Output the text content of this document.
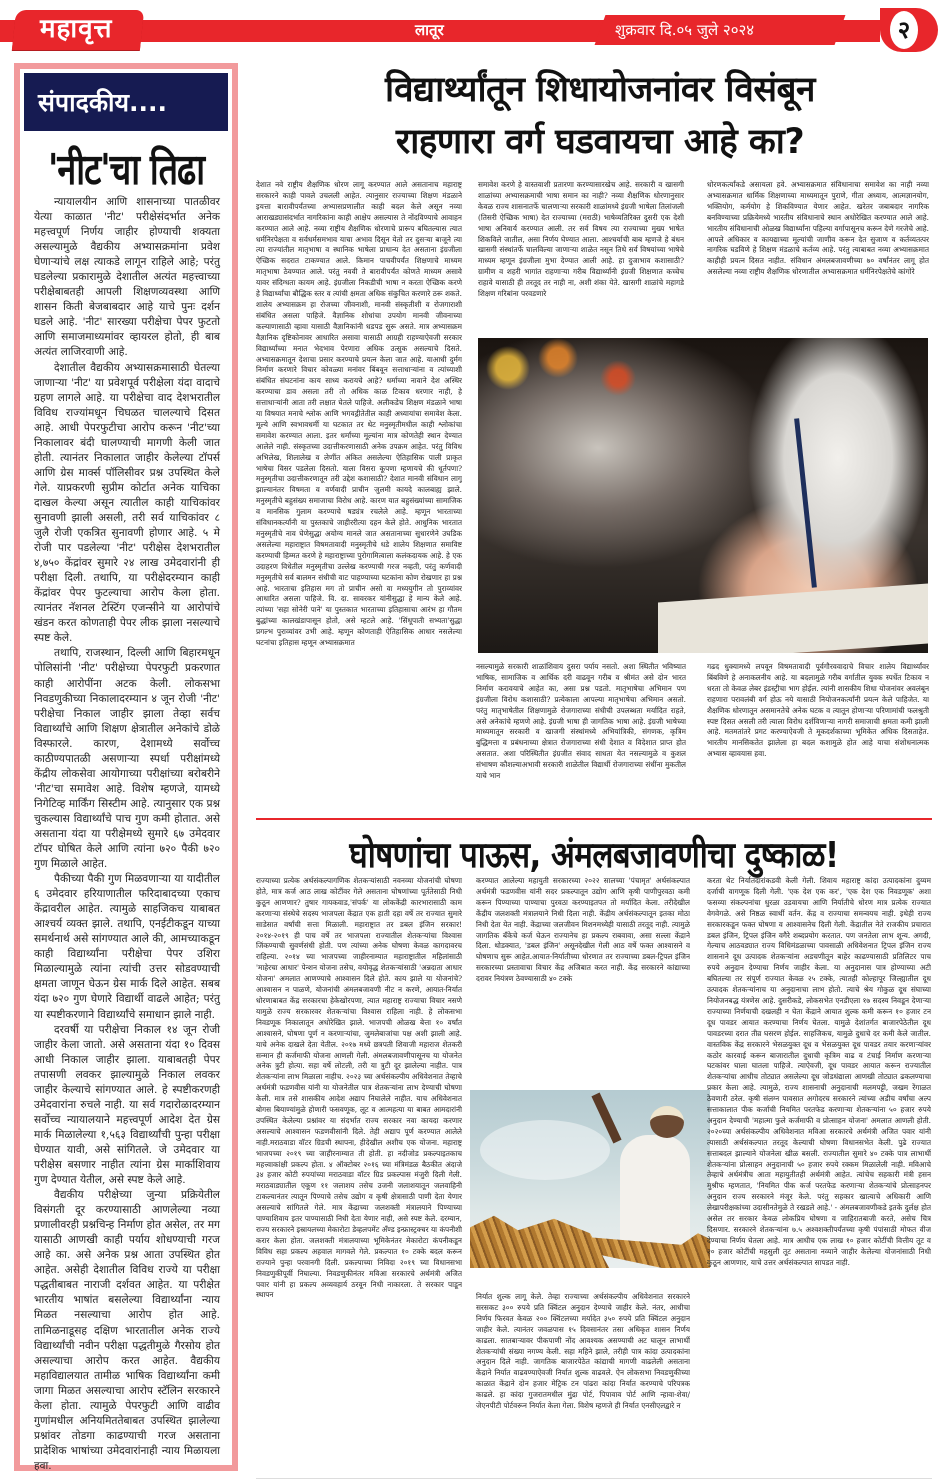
महावृत्त	लातूर	शुक्रवार दि.०५ जुले २०२४	२
संपादकीय....
'नीट'चा तिढा

न्यायालयीन आणि शासनाच्या पातळीवर येत्या काळात 'नीट' परीक्षेसंदर्भात अनेक महत्त्वपूर्ण निर्णय जाहीर होण्याची शक्यता असल्यामुळे वैद्यकीय अभ्यासक्रमांना प्रवेश घेणाऱ्यांचे लक्ष त्याकडे लागून राहिले आहे; परंतु घडलेल्या प्रकारामुळे देशातील अत्यंत महत्त्वाच्या परीक्षेबाबतही आपली शिक्षणव्यवस्था आणि शासन किती बेजबाबदार आहे याचे पुनः दर्शन घडले आहे. 'नीट' सारख्या परीक्षेचा पेपर फुटतो आणि समाजमाध्यमांवर व्हायरल होतो, ही बाब अत्यंत लाजिरवाणी आहे.

देशातील वैद्यकीय अभ्यासक्रमासाठी घेतल्या जाणाऱ्या 'नीट' या प्रवेशपूर्व परीक्षेला यंदा वादाचे ग्रहण लागले आहे. या परीक्षेचा वाद देशभरातील विविध राज्यांमधून चिघळत चालल्याचे दिसत आहे. आधी पेपरफुटीचा आरोप करून 'नीट'च्या निकालावर बंदी घालण्याची मागणी केली जात होती. त्यानंतर निकालात जाहीर केलेल्या टॉपर्स आणि ग्रेस मार्क्स पॉलिसीवर प्रश्न उपस्थित केले गेले. याप्रकरणी सुप्रीम कोर्टात अनेक याचिका दाखल केल्या असून त्यातील काही याचिकांवर सुनावणी झाली असली, तरी सर्व याचिकांवर ८ जुलै रोजी एकत्रित सुनावणी होणार आहे. ५ मे रोजी पार पडलेल्या 'नीट' परीक्षेस देशभरातील ४,७५० केंद्रांवर सुमारे २४ लाख उमेदवारांनी ही परीक्षा दिली. तथापि, या परीक्षेदरम्यान काही केंद्रांवर पेपर फुटल्याचा आरोप केला होता. त्यानंतर नॅशनल टेस्टिंग एजन्सीने या आरोपांचे खंडन करत कोणताही पेपर लीक झाला नसल्याचे स्पष्ट केले.

तथापि, राजस्थान, दिल्ली आणि बिहारमधून पोलिसांनी 'नीट' परीक्षेच्या पेपरफुटी प्रकरणात काही आरोपींना अटक केली. लोकसभा निवडणुकीच्या निकालादरम्यान ४ जून रोजी 'नीट' परीक्षेचा निकाल जाहीर झाला तेव्हा सर्वच विद्यार्थ्यांचे आणि शिक्षण क्षेत्रातील अनेकांचे डोळे विस्फारले. कारण, देशामध्ये सर्वोच्च काठीण्यपातळी असणाऱ्या स्पर्धा परीक्षांमध्ये केंद्रीय लोकसेवा आयोगाच्या परीक्षांच्या बरोबरीने 'नीट'चा समावेश आहे. विशेष म्हणजे, यामध्ये निगेटिव्ह मार्किंग सिस्टीम आहे. त्यानुसार एक प्रश्न चुकल्यास विद्यार्थ्यांचे पाच गुण कमी होतात. असे असताना यंदा या परीक्षेमध्ये सुमारे ६७ उमेदवार टॉपर घोषित केले आणि त्यांना ७२० पैकी ७२० गुण मिळाले आहेत.

पैकीच्या पैकी गुण मिळवणाऱ्या या यादीतील ६ उमेदवार हरियाणातील फरिदाबादच्या एकाच केंद्रावरील आहेत. त्यामुळे साहजिकच याबाबत आश्चर्य व्यक्त झाले. तथापि, एनईटीकडून याच्या समर्थनार्थ असे सांगण्यात आले की, आमच्याकडून काही विद्यार्थ्यांना परीक्षेचा पेपर उशिरा मिळाल्यामुळे त्यांना त्यांची उत्तर सोडवण्याची क्षमता जाणून घेऊन ग्रेस मार्क दिले आहेत. सबब यंदा ७२० गुण घेणारे विद्यार्थी वाढले आहेत; परंतु या स्पष्टीकरणाने विद्यार्थ्यांचे समाधान झाले नाही.

दरवर्षी या परीक्षेचा निकाल १४ जून रोजी जाहीर केला जातो. असे असताना यंदा १० दिवस आधी निकाल जाहीर झाला. याबाबतही पेपर तपासणी लवकर झाल्यामुळे निकाल लवकर जाहीर केल्याचे सांगण्यात आले. हे स्पष्टीकरणही उमेदवारांना रुचले नाही. या सर्व गदारोळादरम्यान सर्वोच्च न्यायालयाने महत्त्वपूर्ण आदेश देत ग्रेस मार्क मिळालेल्या १,५६३ विद्यार्थ्यांची पुन्हा परीक्षा घेण्यात यावी, असे सांगितले. जे उमेदवार या परीक्षेस बसणार नाहीत त्यांना ग्रेस मार्काशिवाय गुण देण्यात येतील, असे स्पष्ट केले आहे.

वैद्यकीय परीक्षेच्या जुन्या प्रक्रियेतील विसंगती दूर करण्यासाठी आणलेल्या नव्या प्रणालीवरही प्रश्नचिन्ह निर्माण होत असेल, तर मग यासाठी आणखी काही पर्याय शोधण्याची गरज आहे का. असे अनेक प्रश्न आता उपस्थित होत आहेत. असेही देशातील विविध राज्ये या परीक्षा पद्धतीबाबत नाराजी दर्शवत आहेत. या परीक्षेत भारतीय भाषांत बसलेल्या विद्यार्थ्यांना न्याय मिळत नसल्याचा आरोप होत आहे. तामिळनाडूसह दक्षिण भारतातील अनेक राज्ये विद्यार्थ्यांची नवीन परीक्षा पद्धतीमुळे गैरसोय होत असल्याचा आरोप करत आहेत. वैद्यकीय महाविद्यालयात तामीळ भाषिक विद्यार्थ्यांना कमी जागा मिळत असल्याचा आरोप स्टॅलिन सरकारने केला होता. त्यामुळे पेपरफुटी आणि वाढीव गुणांमधील अनियमिततेबाबत उपस्थित झालेल्या प्रश्नांवर तोडगा काढण्याची गरज असताना प्रादेशिक भाषांच्या उमेदवारांनाही न्याय मिळायला हवा.

विद्यार्थ्यांतून शिधायोजनांवर विसंबून
राहणारा वर्ग घडवायचा आहे का?
देशात नवे राष्ट्रीय शैक्षणिक धोरण लागू करण्यात आले असतानाच महाराष्ट्र सरकारने काही पावले उचलली आहेत. त्यानुसार राज्याच्या शिक्षण मंडळाने इयत्ता बारावीपर्यंतच्या अभ्यासप्रणालीत काही बदल केले असून नव्या आराखड्यासंदर्भात नागरिकांना काही आक्षेप असल्यास ते नोंदविण्याचे आवाहन करण्यात आले आहे. नव्या राष्ट्रीय शैक्षणिक धोरणाचे प्रारूप बघितल्यास त्यात धर्मनिरपेक्षता व सर्वधर्मसमभाव याचा अभाव दिसून येतो तर दुसऱ्या बाजूने त्या त्या राज्यांतील मातृभाषा व स्थानिक भाषेला प्राधान्य देत असताना इंग्रजीला ऐच्छिक सदरात टाकण्यात आले. किमान पाचवीपर्यंत शिक्षणाचे माध्यम मातृभाषा ठेवण्यात आले. परंतु नववी ते बारावीपर्यंत कोणते माध्यम असावे यावर संदिग्धता कायम आहे. इंग्रजीला निकडीची भाषा न करता ऐच्छिक करणे हे विद्यार्थ्यांचा बौद्धिक स्तर व त्यांची क्षमता अधिक संकुचित करणारे ठरू शकते. शालेय अभ्यासक्रम हा रोजच्या जीवनाशी, मानवी संस्कृतीशी व रोजगाराशी संबंधित असला पाहिजे. वैज्ञानिक शोधांचा उपयोग मानवी जीवनाच्या कल्याणासाठी व्हावा यासाठी वैज्ञानिकांनी धडपड सुरू असते. मात्र अभ्यासक्रम वैज्ञानिक दृष्टिकोनावर आधारित असावा यासाठी आग्रही राहण्याऐवजी सरकार विद्यार्थ्यांच्या मनात भेदभाव पेरणारा अधिक उत्सुक असल्याचे दिसते. अभ्यासक्रमातून देशाचा प्रसार करण्याचे प्रयत्न केला जात आहे. याआधी दुर्मग निर्माण करणारे विचार कोवळ्या मनांवर बिंबवून सत्ताधाऱ्यांना व त्यांच्याशी संबंधित संघटनांना काय साध्य करायचे आहे? धर्माच्या नावाने देश अस्थिर करण्याचा डाव असला तरी तो अधिक काळ टिकाव धरणार नाही, हे सत्ताधाऱ्यांनी आता तरी लक्षात घेतले पाहिजे. अलीकडेच शिक्षण मंडळाने भाषा या विषयात मनाचे श्लोक आणि भगवद्गीतेतील काही अध्यायांचा समावेश केला. मूल्ये आणि स्वभावधर्मी या घटकात तर थेट मनुस्मृतीमधील काही श्लोकांचा समावेश करण्यात आला. इतर धर्मांच्या मूल्यांना मात्र कोणतेही स्थान देण्यात आलेले नाही. संस्कृतच्या उदात्तीकरणासाठी अनेक उपक्रम आहेत. परंतु विविध अभिलेख, शिलालेख व लेणींत अंकित असलेल्या ऐतिहासिक पाली प्राकृत भाषेचा विसर पडलेला दिसतो. याला विसरा कूपणा म्हणायचे की धूर्तपणा? मनुस्मृतीचा उदात्तीकरणातून तरी उद्देश कशासाठी? देशात मानवी संविधान लागू झाल्यानंतर विषमता व वर्णवादी प्राचीन जुलमी कायदे कालबाह्य झाले. मनुस्मृतीचे बहुसंख्य समाजाचा विरोध आहे. कारण यात बहुसंख्यांच्या सामाजिक व मानसिक गुलाम करण्याचे षड्यंत्र रचलेले आहे. म्हणून भारताच्या संविधानकर्त्यांनी या पुस्तकाचे जाहीररीत्या दहन केले होते. आधुनिक भारतात मनुस्मृतीचे नाव घेणेसुद्धा अयोग्य मानले जात असतानाच्या सुधारणेने उघडिक असलेल्या महाराष्ट्रात विषमतावादी मनुस्मृतीचे धडे शालेय शिक्षणात समाविष्ट करण्याची हिम्मत करणे हे महाराष्ट्राच्या पुरोगामित्वाला कलंकदायक आहे. हे एक उदाहरण विधेतील मनुस्मृतीचा उल्लेख करण्याची गरज नव्हती, परंतु कर्णवादी मनुस्मृतीचे सर्व बालमन संधीची वाट पाहण्याच्या घटकांना कोण रोखणार हा प्रश्न आहे. भारताचा इतिहास मग तो प्राचीन असो वा मध्ययुगीन तो पुराव्यांवर आधारित असला पाहिजे. वि. दा. सावरकर यांनीसुद्धा हे मान्य केले आहे. त्यांच्या 'सहा सोनेरी पाने' या पुस्तकात भारताच्या इतिहासाचा आरंभ हा गौतम बुद्धांच्या कालखंडापासून होतो, असे म्हटले आहे. 'सिंधूपाती सभ्यता'सुद्धा प्रगल्भ पुराव्यांवर उभी आहे. म्हणून कोणताही ऐतिहासिक आधार नसलेल्या घटनांचा इतिहास म्हणून अभ्यासक्रमात
समावेश करणे हे वास्तवाशी प्रतारणा करण्यासारखेच आहे. सरकारी व खासगी शाळांच्या अभ्यासक्रमाची भाषा समान का नाही? नव्या शैक्षणिक धोरणानुसार केवळ राज्य शासनातर्फे चालणाऱ्या सरकारी शाळांमध्ये इंग्रजी भाषेला तिलांजली (तिसरी ऐच्छिक भाषा) देत राज्याच्या (मराठी) भाषेव्यतिरिक्त दुसरी एक देशी भाषा अनिवार्य करण्यात आली. तर सर्व विषय त्या राज्याच्या मुख्य भाषेत शिकविले जातील, असा निर्णय घेण्यात आला. आश्चर्याची बाब म्हणजे हे बंधन खासगी संस्थांतर्फे चालविल्या जाणाऱ्या शाळेत नसून तिथे सर्व विषयांच्या भाषेचे माध्यम म्हणून इंग्रजीला मुभा देण्यात आली आहे. हा दुजाभाव कशासाठी? ग्रामीण व शहरी भागांत राहणाऱ्या गरीब विद्यार्थ्यांनी इंग्रजी शिक्षणात कच्चेच राहावे यासाठी ही तरतूद तर नाही ना, अशी शंका येते. खासगी शाळांचे महागडे शिक्षण गरिबांना परवडणारे
धोरणकर्त्यांकडे असायला हवे. अभ्यासक्रमात संविधानाचा समावेश का नाही नव्या अभ्यासक्रमात धार्मिक शिक्षणाच्या माध्यमातून पुराणे, गीता अध्याय, आत्मज्ञानयोग, भक्तियोग, कर्मयोग हे शिकविण्यात येणार आहेत. खरेतर जबाबदार नागरिक बनविण्याच्या प्रक्रियेमध्ये भारतीय संविधानाचे स्थान अधोरेखित करण्यात आले आहे. भारतीय संविधानाची ओळख विद्यार्थ्यांना पहिल्या वर्गापासूनच करून देणे गरजेचे आहे. आपले अधिकार व कायद्याच्या मूल्यांची जाणीव करून देत सुजाण व कर्तव्यतत्पर नागरिक घडविणे हे शिक्षण मंडळाचे कर्तव्य आहे. परंतु त्याबाबत नव्या अभ्यासक्रमात काहीही प्रयत्न दिसत नाहीत. संविधान अंमलबजावणीच्या ७० वर्षांनंतर लागू होत असलेल्या नव्या राष्ट्रीय शैक्षणिक धोरणातील अभ्यासक्रमात धर्मनिरपेक्षतेचे कांगोरे
नसल्यामुळे सरकारी शाळांशिवाय दुसरा पर्याय नसतो. अशा स्थितीत भविष्यात भाषिक, सामाजिक व आर्थिक दरी वाढवून गरीब व श्रीमंत असे दोन भारत निर्माण करावयाचे आहेत का, असा प्रश्न पडतो. मातृभाषेचा अभिमान पण इंग्रजीला विरोध कशासाठी? प्रत्येकाला आपल्या मातृभाषेचा अभिमान असतो. परंतु मातृभाषेतील शिक्षणामुळे रोजगाराच्या संधीची उपलब्धता मर्यादित राहते, असे अनेकांचे म्हणणे आहे. इंग्रजी भाषा ही जागतिक भाषा आहे. इंग्रजी भाषेच्या माध्यमातून सरकारी व खाजगी संस्थांमध्ये अभियांत्रिकी, संगणक, कृत्रिम बुद्धिमत्ता व प्रबंधनाच्या क्षेत्रात रोजगाराच्या संधी देशात व विदेशात प्राप्त होत असतात. अशा परिस्थितीत इंग्रजीत संवाद साधता येत नसल्यामुळे व कुशल संभाषण कौशल्याअभावी सरकारी शाळेतील विद्यार्थी रोजगाराच्या संधींना मुकतील याचे भान
गढद धुक्यामध्ये लपवून विषमतावादी पूर्वगौरववादाचे विचार शालेय विद्यार्थ्यांवर बिंबविणे हे अनाकलनीय आहे. या बदलामुळे गरीब वर्गातील युवक स्पर्धेत टिकाव न धरता तो केवळ लेबर इंडस्ट्रीचा भाग होईल. त्यांनी शासकीय शिधा योजनांवर अवलंबून राहणारा परावलंबी वर्ग होऊ नये यासाठी नियोजनकर्त्यांनी प्रयत्न केले पाहिजेत. या शैक्षणिक धोरणातून असमानतेचे अनेक घटक व त्यातून होणाऱ्या परिणामांची फलश्रुती स्पष्ट दिसत असली तरी त्याला विरोध दर्शविणाऱ्या नागरी समाजाची क्षमता कमी झाली आहे. मतमतांतरे प्रगट करण्याऐवजी ते मूकदर्शकाच्या भूमिकेत अधिक दिसताहेत. भारतीय मानसिकतेत झालेला हा बदल कशामुळे होत आहे याचा संशोधनात्मक अभ्यास व्हावयास हवा.
घोषणांचा पाऊस, अंमलबजावणीचा दुष्काळ!
राज्याच्या प्रत्येक अर्थसंकल्पागणिक शेतकऱ्यांसाठी नवनव्या योजनांची घोषणा होते, मात्र कर्ज आठ लाख कोटींवर गेले असताना घोषणांच्या पूर्ततेसाठी निधी कुठून आणणार? तुषार गायकवाड,'संपर्क' या लोककेंद्री कारभारासाठी काम करणाऱ्या संस्थेचे सदस्य भाजपला केंद्रात एक हाती दहा वर्षे तर राज्यात सुमारे साडेसात वर्षांची सत्ता मिळाली. महाराष्ट्रात तर डबल इंजिन सरकार! २०१४-२०१९ ही पाच वर्षे तर भाजपला राज्यातील शेतकऱ्यांचा विश्वास जिंकण्याची सुवर्णसंधी होती. पण त्यांच्या अनेक घोषणा केवळ कागदावरच राहिल्या. २०१४ च्या भाजपच्या जाहीरनाम्यात महाराष्ट्रातील महिलांसाठी 'माहेरचा आधार' पेन्शन योजना तसेच, वयोवृद्ध शेतकऱ्यांसाठी 'अन्नदाता आधार योजना' अमलात आणण्याचे आश्वासन दिले होते. काय झाले या योजनांचे? आश्वासन न पाळणे, योजनांची अंमलबजावणी नीट न करणे, आयात-निर्यात धोरणाबाबत केंद्र सरकारचा हेकेखोरपणा, त्यात महाराष्ट्र राज्याचा विचार नसणे यामुळे राज्य सरकारवर शेतकऱ्यांचा विश्वास राहिला नाही. हे लोकसभा निवडणूक निकालातून अधोरेखित झाले. भाजपची ओळख बेत्ता १० वर्षांत आश्वासने, घोषणा पूर्ण न करणाऱ्यांचा, जुमलेबाजांचा पक्ष अशी झाली आहे. याचे अनेक दाखले देता येतील. २०१७ मध्ये छत्रपती शिवाजी महाराज शेतकरी सन्मान ही कर्जमाफी योजना आणली गेली. अंमलबजावणीपासूनच या योजनेत अनेक त्रुटी होत्या. सहा वर्षे लोटली, तरी या त्रुटी दूर झालेल्या नाहीत. पात्र शेतकऱ्यांना लाभ मिळाला नाहीच. २०२३ च्या अर्थसंकल्पीय अधिवेशनात तेव्हाचे अर्थमंत्री फडणवीस यांनी या योजनेतील पात्र शेतकऱ्यांना लाभ देण्याची घोषणा केली. मात्र तसे शासकीय आदेश अद्याप निघालेले नाहीत. याच अधिवेशनात बोगस बियाण्यांमुळे होणारी फसवणूक, लूट व आत्महत्या या बाबत आमदारांनी उपस्थित केलेल्या प्रश्नांवर या संदर्भात राज्य सरकार नवा कायदा करणार असल्याचे आश्वासन फडणवीसांनी दिले. तेही अद्याप पूर्ण करण्यात आलेले नाही.मराठवाडा वॉटर ग्रिडची स्थापना, हीदेखील अशीच एक योजना. महाराष्ट्र भाजपच्या २०१९ च्या जाहीरनाम्यात ती होती. हा नदीजोड प्रकल्पाइतकाच महत्त्वाकांक्षी प्रकल्प होता. ४ ऑक्टोबर २०१६ च्या मंत्रिमंडळ बैठकीत अंदाजे ३४ हजार कोटी रुपयांच्या मराठवाडा वॉटर ग्रिड प्रकल्पास मंजुरी दिली गेली. मराठवाड्यातील एकूण ११ जलाशय तसेच उजनी जलाशयातून जलवाहिनी टाकल्यानंतर त्यातून पिण्याचे तसेच उद्योग व कृषी क्षेत्रासाठी पाणी देता येणार असल्याचे सांगितले गेले. मात्र केंद्राच्या जलशक्ती मंत्रालयाने पिण्याच्या पाण्याशिवाय इतर पाण्यासाठी निधी देता येणार नाही, असे स्पष्ट केले. दरम्यान, राज्य सरकारने इस्रायलच्या मेकारोटा डेव्हलपमेंट अँण्ड इन्फ्रास्ट्रक्चर या कंपनीशी करार केला होता. जलशक्ती मंत्रालयाच्या भूमिकेनंतर मेकारोटा कंपनीकडून विविध सहा प्रकल्प अहवाल मागवले गेले. प्रकल्पात १० टक्के बदल करून राज्याने पुन्हा परवानगी दिली. प्रकल्पाच्या निविदा २०१९ च्या विधानसभा निवडणुकीपूर्वी निघाल्या. निवडणुकीनंतर मविआ सरकारचे अर्थमंत्री अजित पवार यांनी हा प्रकल्प अव्यवहार्य ठरवून निधी नाकारला. ते सरकार पाडून स्थापन
करण्यात आलेल्या महायुती सरकारच्या २०२२ सालच्या 'पंचामृत' अर्थसंकल्पात अर्थमंत्री फडणवीस यांनी सदर प्रकल्पातून उद्योग आणि कृषी पाणीपुरवठा कमी करून पिण्याच्या पाण्याचा पुरवठा करण्याइतपत तो मर्यादित केला. तरीदेखील केंद्रीय जलशक्ती मंत्रालयाने निधी दिला नाही. केंद्रीय अर्थसंकल्पातून इतका मोठा निधी देता येत नाही. केंद्राच्या जलजीवन मिशनमध्येही यासाठी तरतूद नाही. त्यामुळे जागतिक बँकेचे कर्ज घेऊन राज्यानेच हा प्रकल्प राबवावा, असा सल्ला केंद्राने दिला. थोडक्यात, 'डबल इंजिन' असूनदेखील गेली आठ वर्षे फक्त आश्वासने व घोषणाच सुरू आहेत.आयात-निर्यातीच्या धोरणात तर राज्याच्या डबल-ट्रिपल इंजिन सरकारच्या प्रस्तावाचा विचार केंद्र अजिबात करत नाही. केंद्र सरकारने कांद्याच्या दरावर नियंत्रण ठेवण्यासाठी ४० टक्के
निर्यात शुल्क लागू केले. तेव्हा राज्याच्या अर्थसंकल्पीय अधिवेशनात सरकारने सरसकट ३०० रुपये प्रति क्विंटल अनुदान देण्याचे जाहीर केले. नंतर, आधीचा निर्णय फिरवत केवळ २०० क्विंटलच्या मर्यादेत ३५० रुपये प्रति क्विंटल अनुदान जाहीर केले. त्यानंतर जवळपास १५ दिवसानंतर तसा अधिकृत शासन निर्णय काढला. सातबाऱ्यावर पीकपाणी नोंद आवश्यक असण्याची अट घालून लाभार्थी शेतकऱ्यांची संख्या नगण्य केली. सहा महिने झाले, तरीही पात्र कांदा उत्पादकांना अनुदान दिले नाही. जागतिक बाजारपेठेत कांद्याची मागणी वाढलेली असताना केंद्राने निर्यात वाढवण्याऐवजी निर्यात शुल्क वाढवले. ऐन लोकसभा निवडणुकीच्या काळात केंद्राने दोन हजार मेट्रिक टन पांढरा कांदा निर्यात करण्याचे परिपत्रक काढले. हा कांदा गुजरातमधील मुंद्रा पोर्ट, पिपावाव पोर्ट आणि न्हावा-शेवा/ जेएनपीटी पोर्टवरून निर्यात केला गेला. विशेष म्हणजे ही निर्यात एनसीएलद्वारे न
करता थेट निर्यातदारांकडवी केली गेली. शिवाय महाराष्ट्र कांदा उत्पादकांना दुय्यम दर्जाची वागणूक दिली गेली. 'एक देश एक कर', 'एक देश एक निवडणूक' अशा फसव्या संकल्पनांचा धुरळा उडवायचा आणि निर्यातीचे धोरण मात्र प्रत्येक राज्यात वेगवेगळे. असे निष्ठळ स्वार्थी वर्तन. केंद्र व राज्याचा समन्वयच नाही. इथेही राज्य सरकारकडून फक्त घोषणा व आश्वासनेच दिली गेली. केंद्रातील नेते राजकीय प्रचारात डबल इंजिन, ट्रिपल इंजिन वगैरे शब्दप्रयोग करतात. पण जनतेला लाभ शून्य. अगदी, गेल्याच आठवड्यात राज्य विधिमंडळाच्या पावसाळी अधिवेशनात ट्रिपल इंजिन राज्य शासनाने दूध उत्पादक शेतकऱ्यांना अडचणीतून बाहेर काढण्यासाठी प्रतिलिटर पाच रुपये अनुदान देण्याचा निर्णय जाहीर केला. या अनुदानास पात्र होण्याच्या अटी बघितल्या तर संपूर्ण राज्यात केवळ २५ टक्के, त्यातही कोल्हापूर जिल्ह्यातील दूध उत्पादक शेतकऱ्यांनाच या अनुदानाचा लाभ होतो. त्याचे श्रेय गोकुळ दूध संघाच्या नियोजनबद्ध यंत्रणेस आहे. दुसरीकडे, लोकसभेत एनडीएला १७ सदस्य निवडून देणाऱ्या राज्याच्या निर्णयाची दखलही न घेता केंद्राने आयात शुल्क कमी करून १० हजार टन दूध पावडर आयात करण्याचा निर्णय घेतला. यामुळे देशांतर्गत बाजारपेठेतील दूध पावडरच्या दरात तीव्र घसरण होईल. साहजिकच, यामुळे दुधाचे दर कमी केले जातील. वास्तविक केंद्र सरकारने भेसळयुक्त दूध व भेसळयुक्त दूध पावडर तयार करणाऱ्यांवर कठोर कारवाई करून बाजारातील दुधाची कृत्रिम वाढ व टंचाई निर्माण करणाऱ्या घटकांवर घाला घातला पाहिजे. त्याऐवजी, दूध पावडर आयात करून राज्यातील शेतकऱ्यांचा आधीच तोट्यात असलेल्या दूध जोडधंद्याला आणखी तोट्यात ढकलण्याचा प्रकार केला आहे. त्यामुळे, राज्य शासनाची अनुदानाची मलमपट्टी, जखम रेंगाळत ठेवणारी ठरेल. कृषी संलग्न पावसात अगोदरच सरकारने त्यांच्या अडीच वर्षांचा अल्प सत्ताकालात पीक कर्जाची नियमित परतफेड करणाऱ्या शेतकऱ्यांना ५० हजार रुपये अनुदान देण्याची 'महात्मा फुले कर्जमाफी व प्रोत्साहन योजना' अमलात आणली होती. २०२०च्या अर्थसंकल्पीय अधिवेशनात मविआ सरकारचे अर्थमंत्री अजित पवार यांनी त्यासाठी अर्थसंकल्पात तरतूद केल्याची घोषणा विधानसभेत केली. पुढे राज्यात सत्ताबदल झाल्याने योजनेला खीळ बसली. राज्यातील सुमारे ४० टक्के पात्र लाभार्थी शेतकऱ्यांना प्रोत्साहन अनुदानाची ५० हजार रुपये रक्कम मिळालेली नाही. मविआचे तेव्हाचे अर्थमंत्रीच आता महायुतीतही अर्थमंत्री आहेत. त्यांचेच सहकारी मंत्री हसन मुश्रीफ म्हणतात, 'नियमित पीक कर्ज परतफेड करणाऱ्या शेतकऱ्यांचे प्रोत्साहनपर अनुदान राज्य सरकारने मंजूर केले. परंतु सहकार खात्याचे अधिकारी आणि लेखापरीक्षकांच्या उदासीनतेमुळे ते रखडले आहे.' - अंमलबजावणीकडे इतके दुर्लक्ष होत असेल तर सरकार केवळ लोकप्रिय घोषणा व जाहिरातबाजी करते, असेच चित्र दिसणार. सरकारने शेतकऱ्यांना ७.५ अश्वशक्तीपर्यंतच्या कृषी पंपांसाठी मोफत वीज देण्याचा निर्णय घेतला आहे. मात्र आधीच एक लाख १० हजार कोटींची वित्तीय तूट व २० हजार कोटींची महसुली तूट असताना नव्याने जाहीर केलेल्या योजनांसाठी निधी कुठून आणणार, याचे उत्तर अर्थसंकल्पात सापडत नाही.
